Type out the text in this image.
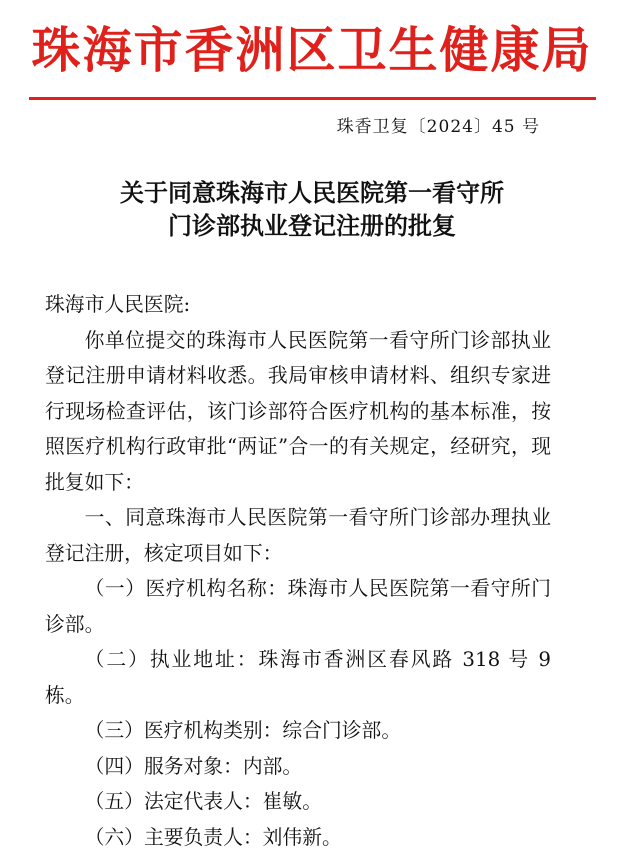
珠海市香洲区卫生健康局
珠香卫复〔2024〕45 号
关于同意珠海市人民医院第一看守所
门诊部执业登记注册的批复

珠海市人民医院:

你单位提交的珠海市人民医院第一看守所门诊部执业登记注册申请材料收悉。我局审核申请材料、组织专家进行现场检查评估，该门诊部符合医疗机构的基本标准，按照医疗机构行政审批“两证”合一的有关规定，经研究，现批复如下：

一、同意珠海市人民医院第一看守所门诊部办理执业登记注册，核定项目如下：

（一）医疗机构名称：珠海市人民医院第一看守所门诊部。

（二）执业地址：珠海市香洲区春风路 318 号 9 栋。

（三）医疗机构类别：综合门诊部。

（四）服务对象：内部。

（五）法定代表人：崔敏。

（六）主要负责人：刘伟新。
